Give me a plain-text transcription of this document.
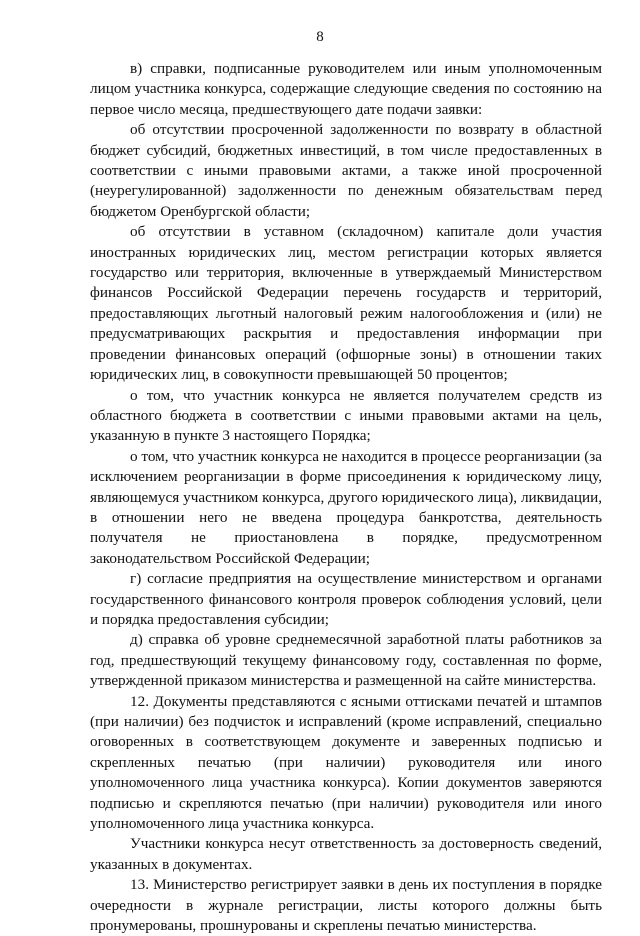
8

в) справки, подписанные руководителем или иным уполномоченным лицом участника конкурса, содержащие следующие сведения по состоянию на первое число месяца, предшествующего дате подачи заявки:

об отсутствии просроченной задолженности по возврату в областной бюджет субсидий, бюджетных инвестиций, в том числе предоставленных в соответствии с иными правовыми актами, а также иной просроченной (неурегулированной) задолженности по денежным обязательствам перед бюджетом Оренбургской области;

об отсутствии в уставном (складочном) капитале доли участия иностранных юридических лиц, местом регистрации которых является государство или территория, включенные в утверждаемый Министерством финансов Российской Федерации перечень государств и территорий, предоставляющих льготный налоговый режим налогообложения и (или) не предусматривающих раскрытия и предоставления информации при проведении финансовых операций (офшорные зоны) в отношении таких юридических лиц, в совокупности превышающей 50 процентов;

о том, что участник конкурса не является получателем средств из областного бюджета в соответствии с иными правовыми актами на цель, указанную в пункте 3 настоящего Порядка;

о том, что участник конкурса не находится в процессе реорганизации (за исключением реорганизации в форме присоединения к юридическому лицу, являющемуся участником конкурса, другого юридического лица), ликвидации, в отношении него не введена процедура банкротства, деятельность получателя не приостановлена в порядке, предусмотренном законодательством Российской Федерации;

г) согласие предприятия на осуществление министерством и органами государственного финансового контроля проверок соблюдения условий, цели и порядка предоставления субсидии;

д) справка об уровне среднемесячной заработной платы работников за год, предшествующий текущему финансовому году, составленная по форме, утвержденной приказом министерства и размещенной на сайте министерства.

12. Документы представляются с ясными оттисками печатей и штампов (при наличии) без подчисток и исправлений (кроме исправлений, специально оговоренных в соответствующем документе и заверенных подписью и скрепленных печатью (при наличии) руководителя или иного уполномоченного лица участника конкурса). Копии документов заверяются подписью и скрепляются печатью (при наличии) руководителя или иного уполномоченного лица участника конкурса.

Участники конкурса несут ответственность за достоверность сведений, указанных в документах.

13. Министерство регистрирует заявки в день их поступления в порядке очередности в журнале регистрации, листы которого должны быть пронумерованы, прошнурованы и скреплены печатью министерства.
